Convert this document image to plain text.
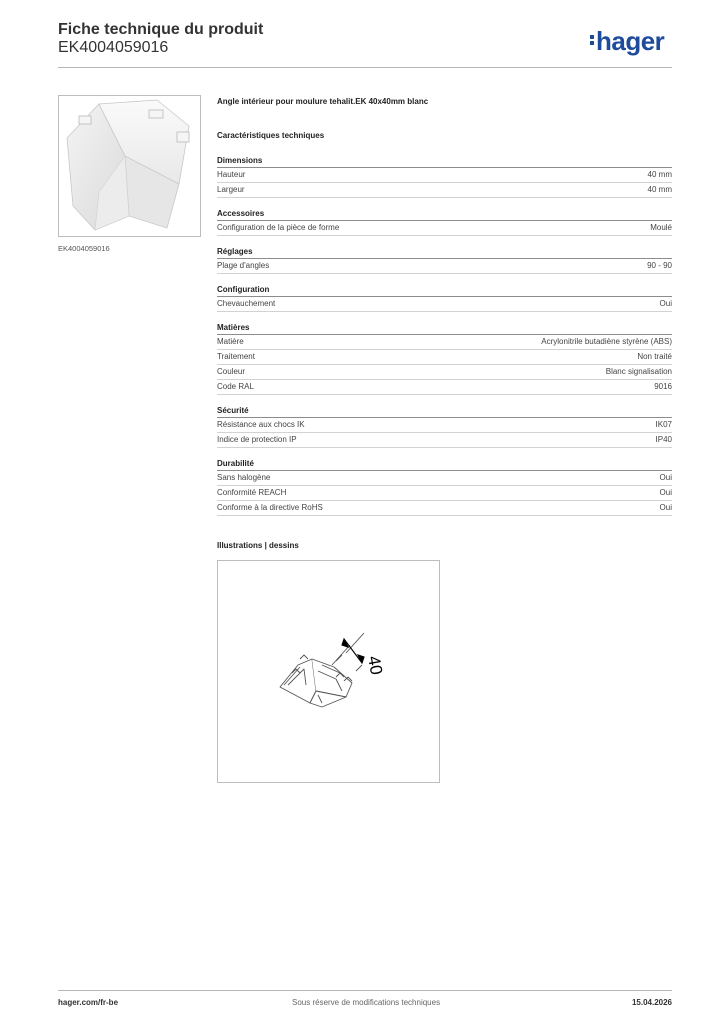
Fiche technique du produit
EK4004059016	hager
EK4004059016
Angle intérieur pour moulure tehalit.EK 40x40mm blanc
Caractéristiques techniques
Dimensions
Hauteur	40 mm
Largeur	40 mm
Accessoires
Configuration de la pièce de forme	Moulé
Réglages
Plage d'angles	90 - 90
Configuration
Chevauchement	Oui
Matières
Matière	Acrylonitrile butadiène styrène (ABS)
Traitement	Non traité
Couleur	Blanc signalisation
Code RAL	9016
Sécurité
Résistance aux chocs IK	IK07
Indice de protection IP	IP40
Durabilité
Sans halogène	Oui
Conformité REACH	Oui
Conforme à la directive RoHS	Oui
Illustrations | dessins
40
hager.com/fr-be	Sous réserve de modifications techniques	15.04.2026
